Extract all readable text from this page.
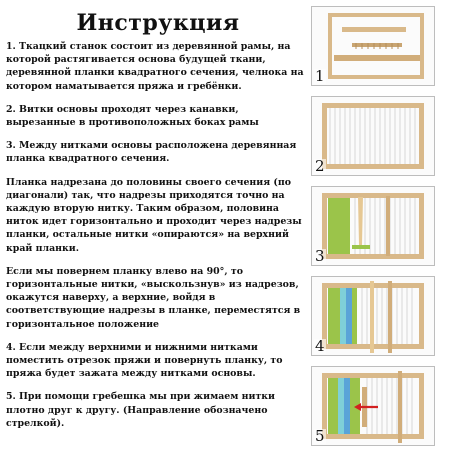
Инструкция

1. Ткацкий станок состоит из деревянной рамы, на которой растягивается основа будущей ткани, деревянной планки квадратного сечения, челнока на котором наматывается пряжа и гребёнки.

2. Витки основы проходят через канавки, вырезанные в противоположных боках рамы

3. Между нитками основы расположена деревянная планка квадратного сечения.

Планка надрезана до половины своего сечения (по диагонали) так, что надрезы приходятся точно на каждую вторую нитку. Таким образом, половина ниток идет горизонтально и проходит через надрезы планки, остальные нитки «опираются» на верхний край планки.

Если мы повернем планку влево на 90°, то горизонтальные нитки, «выскользнув» из надрезов, окажутся наверху, а верхние, войдя в соответствующие надрезы в планке, переместятся в горизонтальное положение

4. Если между верхними и нижними нитками поместить отрезок пряжи и повернуть планку, то пряжа будет зажата между нитками основы.

5. При помощи гребешка мы при жимаем нитки плотно друг к другу. (Направление обозначено стрелкой).

1
2
3
4
5
